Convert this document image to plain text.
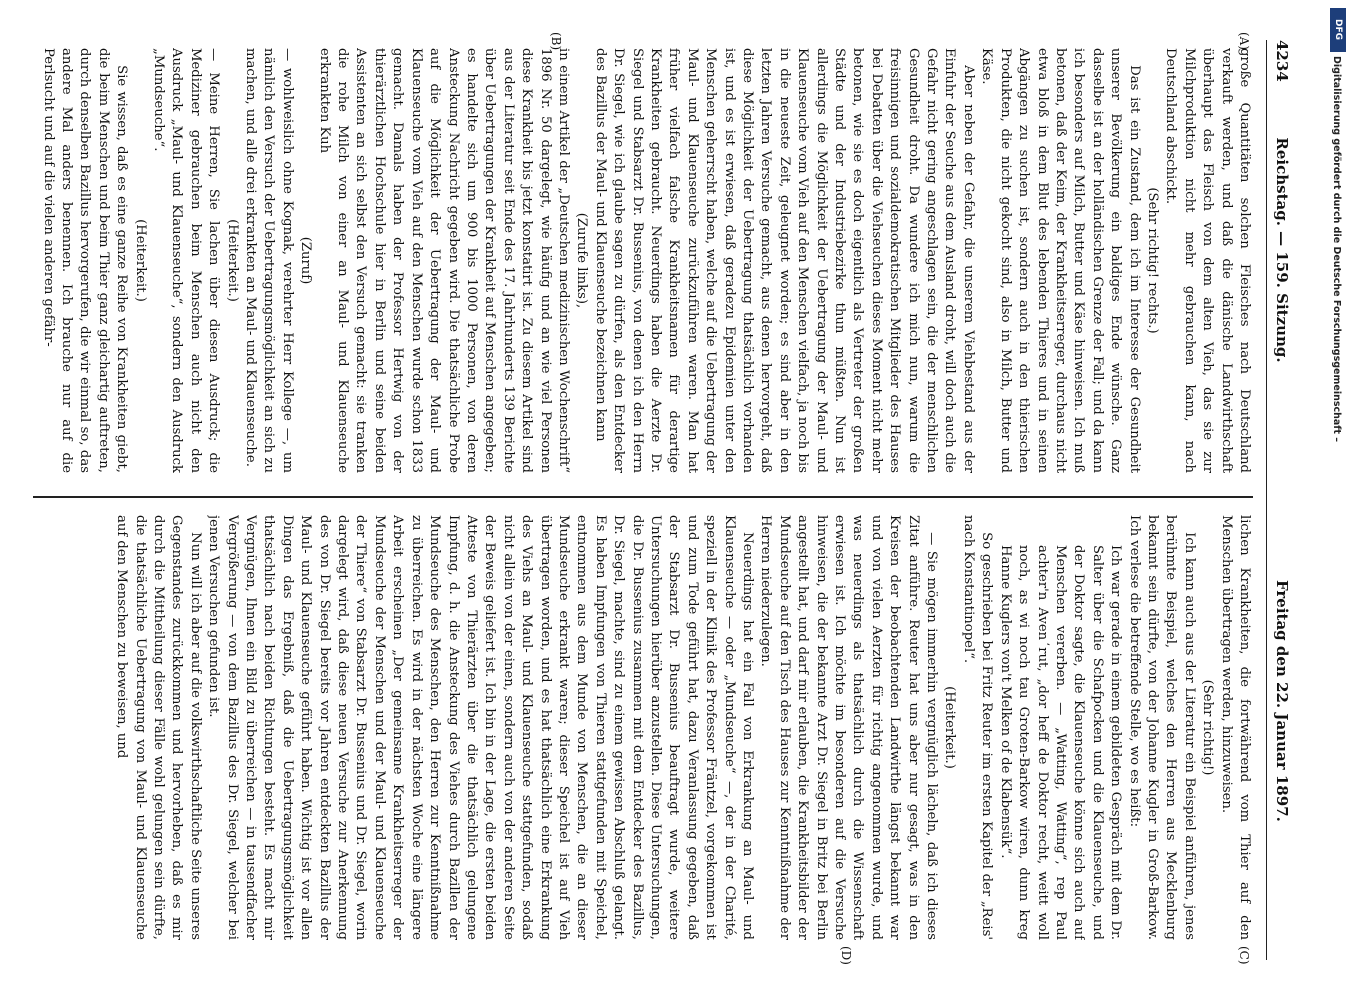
4234
Reichstag. — 159. Sitzung.
Freitag den 22. Januar 1897.
(A)
(B)
(C)
(D)

große Quantitäten solchen Fleisches nach Deutschland verkauft werden, und daß die dänische Landwirthschaft überhaupt das Fleisch von dem alten Vieh, das sie zur Milchproduktion nicht mehr gebrauchen kann, nach Deutschland abschickt.

(Sehr richtig! rechts.)

Das ist ein Zustand, dem ich im Interesse der Gesundheit unserer Bevölkerung ein baldiges Ende wünsche. Ganz dasselbe ist an der holländischen Grenze der Fall; und da kann ich besonders auf Milch, Butter und Käse hinweisen. Ich muß betonen, daß der Keim, der Krankheitserreger, durchaus nicht etwa bloß in dem Blut des lebenden Thieres und in seinen Abgängen zu suchen ist, sondern auch in den thierischen Produkten, die nicht gekocht sind, also in Milch, Butter und Käse.

Aber neben der Gefahr, die unserem Viehbestand aus der Einfuhr der Seuche aus dem Ausland droht, will doch auch die Gefahr nicht gering angeschlagen sein, die der menschlichen Gesundheit droht. Da wundere ich mich nun, warum die freisinnigen und sozialdemokratischen Mitglieder des Hauses bei Debatten über die Viehseuchen dieses Moment nicht mehr betonen, wie sie es doch eigentlich als Vertreter der großen Städte und der Industriebezirke thun müßten. Nun ist allerdings die Möglichkeit der Uebertragung der Maul- und Klauenseuche vom Vieh auf den Menschen vielfach, ja noch bis in die neueste Zeit, geleugnet worden; es sind aber in den letzten Jahren Versuche gemacht, aus denen hervorgeht, daß diese Möglichkeit der Uebertragung thatsächlich vorhanden ist, und es ist erwiesen, daß geradezu Epidemien unter den Menschen geherrscht haben, welche auf die Uebertragung der Maul- und Klauenseuche zurückzuführen waren. Man hat früher vielfach falsche Krankheitsnamen für derartige Krankheiten gebraucht. Neuerdings haben die Aerzte Dr. Siegel und Stabsarzt Dr. Bussenius, von denen ich den Herrn Dr. Siegel, wie ich glaube sagen zu dürfen, als den Entdecker des Bazillus der Maul- und Klauenseuche bezeichnen kann

(Zurufe links),

in einem Artikel der „Deutschen medizinischen Wochenschrift“ 1896 Nr. 50 dargelegt, wie häufig und an wie viel Personen diese Krankheit bis jetzt konstatirt ist. Zu diesem Artikel sind aus der Literatur seit Ende des 17. Jahrhunderts 139 Berichte über Uebertragungen der Krankheit auf Menschen angegeben; es handelte sich um 900 bis 1000 Personen, von deren Ansteckung Nachricht gegeben wird. Die thatsächliche Probe auf die Möglichkeit der Uebertragung der Maul- und Klauenseuche vom Vieh auf den Menschen wurde schon 1833 gemacht. Damals haben der Professor Hertwig von der thierärztlichen Hochschule hier in Berlin und seine beiden Assistenten an sich selbst den Versuch gemacht: sie tranken die rohe Milch von einer an Maul- und Klauenseuche erkrankten Kuh

(Zuruf)

— wohlweislich ohne Kognak, verehrter Herr Kollege —, um nämlich den Versuch der Uebertragungsmöglichkeit an sich zu machen, und alle drei erkrankten an Maul- und Klauenseuche.

(Heiterkeit.)

— Meine Herren, Sie lachen über diesen Ausdruck; die Mediziner gebrauchen beim Menschen auch nicht den Ausdruck „Maul- und Klauenseuche“, sondern den Ausdruck „Mundseuche“.

(Heiterkeit.)

Sie wissen, daß es eine ganze Reihe von Krankheiten giebt, die beim Menschen und beim Thier ganz gleichartig auftreten, durch denselben Bazillus hervorgerufen, die wir einmal so, das andere Mal anders benennen. Ich brauche nur auf die Perlsucht und auf die vielen anderen gefähr-

lichen Krankheiten, die fortwährend vom Thier auf den Menschen übertragen werden, hinzuweisen.

(Sehr richtig!)

Ich kann auch aus der Literatur ein Beispiel anführen, jenes berühmte Beispiel, welches den Herren aus Mecklenburg bekannt sein dürfte, von der Johanne Kugler in Groß-Barkow. Ich verlese die betreffende Stelle, wo es heißt:

Ich war gerade in einem gebildeten Gespräch mit dem Dr. Salter über die Schafpocken und die Klauenseuche, und der Doktor sagte, die Klauenseuche könne sich auch auf Menschen vererben. — „Watting, Watting“, rep Paul achter'n Aven ̕rut, „dor heff de Doktor recht, weitt woll noch, as wi noch tau Groten-Barkow wiren, dunn kreg Hanne Kuglers von't Melken of de Klabensük“.

So geschrieben bei Fritz Reuter im ersten Kapitel der „Reis' nach Konstantinopel“.

(Heiterkeit.)

— Sie mögen immerhin vergnüglich lächeln, daß ich dieses Zitat anführe. Reuter hat uns aber nur gesagt, was in den Kreisen der beobachtenden Landwirthe längst bekannt war und von vielen Aerzten für richtig angenommen wurde, und was neuerdings als thatsächlich durch die Wissenschaft erwiesen ist. Ich möchte im besonderen auf die Versuche hinweisen, die der bekannte Arzt Dr. Siegel in Britz bei Berlin angestellt hat, und darf mir erlauben, die Krankheitsbilder der Mundseuche auf den Tisch des Hauses zur Kenntnißnahme der Herren niederzulegen.

Neuerdings hat ein Fall von Erkrankung an Maul- und Klauenseuche — oder „Mundseuche“ —, der in der Charité, speziell in der Klinik des Professor Fräntzel, vorgekommen ist und zum Tode geführt hat, dazu Veranlassung gegeben, daß der Stabsarzt Dr. Bussenius beauftragt wurde, weitere Untersuchungen hierüber anzustellen. Diese Untersuchungen, die Dr. Bussenius zusammen mit dem Entdecker des Bazillus, Dr. Siegel, machte, sind zu einem gewissen Abschluß gelangt. Es haben Impfungen von Thieren stattgefunden mit Speichel, entnommen aus dem Munde von Menschen, die an dieser Mundseuche erkrankt waren; dieser Speichel ist auf Vieh übertragen worden, und es hat thatsächlich eine Erkrankung des Viehs an Maul- und Klauenseuche stattgefunden, sodaß nicht allein von der einen, sondern auch von der anderen Seite der Beweis geliefert ist. Ich bin in der Lage, die ersten beiden Atteste von Thierärzten über die thatsächlich gelungene Impfung, d. h. die Ansteckung des Viehes durch Bazillen der Mundseuche des Menschen, den Herren zur Kenntnißnahme zu überreichen. Es wird in der nächsten Woche eine längere Arbeit erscheinen „Der gemeinsame Krankheitserreger der Mundseuche der Menschen und der Maul- und Klauenseuche der Thiere“ von Stabsarzt Dr. Bussenius und Dr. Siegel, worin dargelegt wird, daß diese neuen Versuche zur Anerkennung des von Dr. Siegel bereits vor Jahren entdeckten Bazillus der Maul- und Klauenseuche geführt haben. Wichtig ist vor allen Dingen das Ergebniß, daß die Uebertragungsmöglichkeit thatsächlich nach beiden Richtungen besteht. Es macht mir Vergnügen, Ihnen ein Bild zu überreichen — in tausendfacher Vergrößerung — von dem Bazillus des Dr. Siegel, welcher bei jenen Versuchen gefunden ist.

Nun will ich aber auf die volkswirthschaftliche Seite unseres Gegenstandes zurückkommen und hervorheben, daß es mir durch die Mittheilung dieser Fälle wohl gelungen sein dürfte, die thatsächliche Uebertragung von Maul- und Klauenseuche auf den Menschen zu beweisen, und

DFG
Digitalisierung gefördert durch die Deutsche Forschungsgemeinschaft –
